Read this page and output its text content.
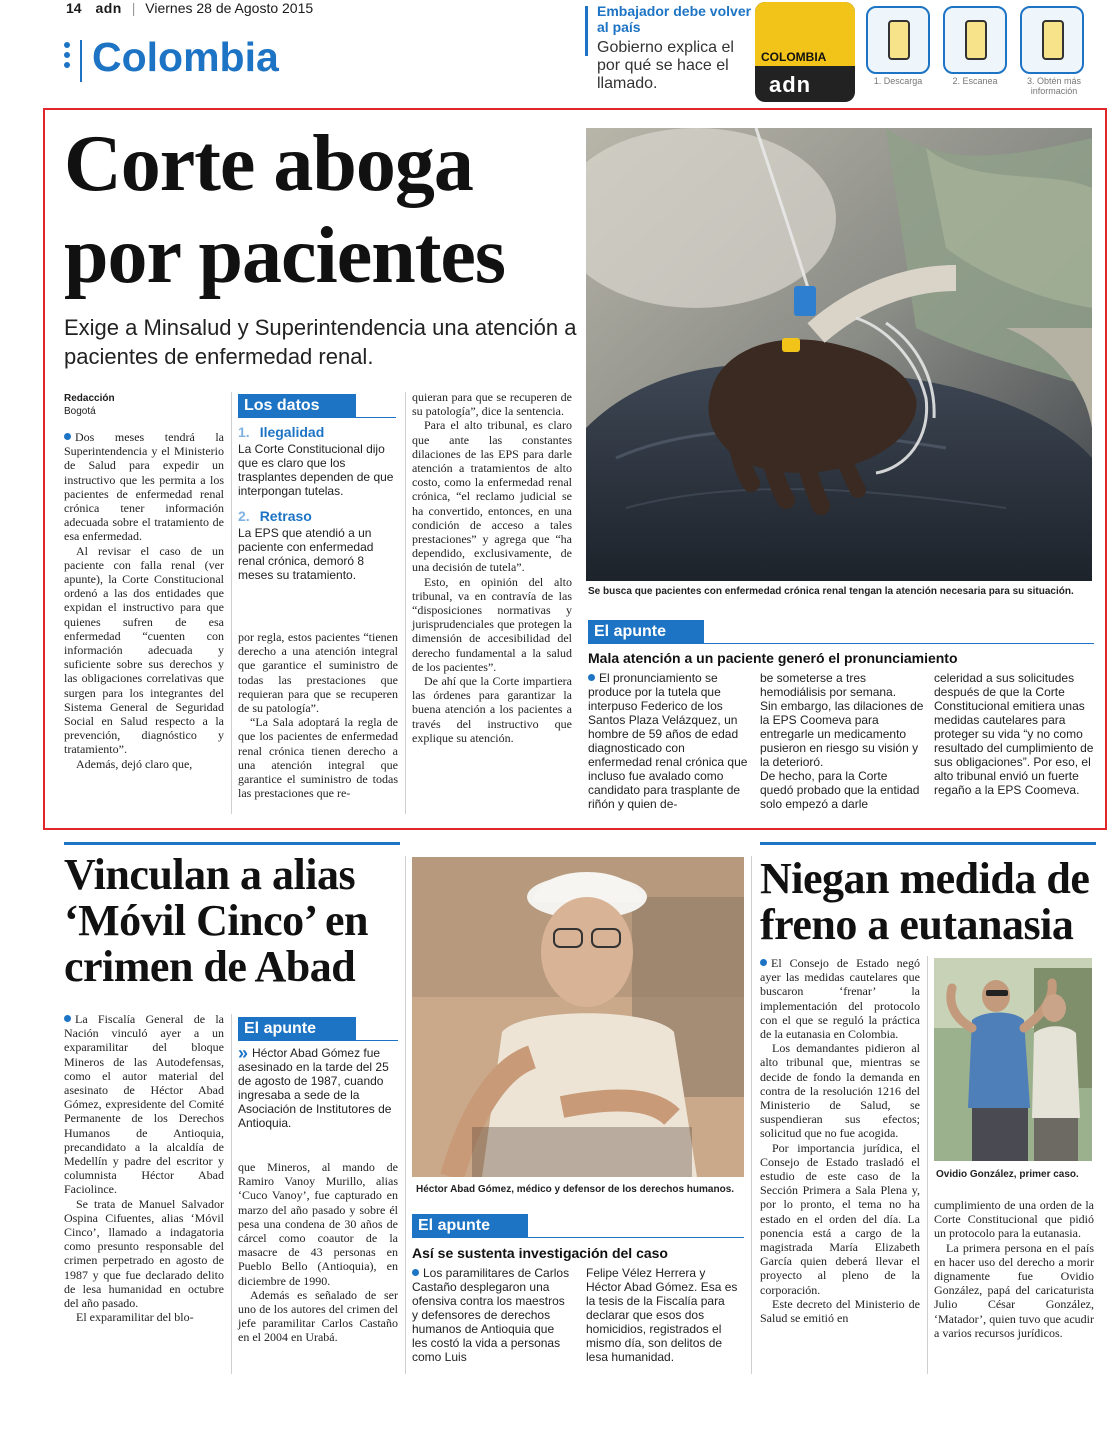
14 adn | Viernes 28 de Agosto 2015
Colombia
Embajador debe volver al país
Gobierno explica el por qué se hace el llamado.
COLOMBIA
adn	1. Descarga	2. Escanea	3. Obtén más información
Corte aboga por pacientes
Exige a Minsalud y Superintendencia una atención a pacientes de enfermedad renal.
Se busca que pacientes con enfermedad crónica renal tengan la atención necesaria para su situación.
Redacción
Bogotá

Dos meses tendrá la Superintendencia y el Ministerio de Salud para expedir un instructivo que les permita a los pacientes de enfermedad renal crónica tener información adecuada sobre el tratamiento de esa enfermedad.

Al revisar el caso de un paciente con falla renal (ver apunte), la Corte Constitucional ordenó a las dos entidades que expidan el instructivo para que quienes sufren de esa enfermedad “cuenten con información adecuada y suficiente sobre sus derechos y las obligaciones correlativas que surgen para los integrantes del Sistema General de Seguridad Social en Salud respecto a la prevención, diagnóstico y tratamiento”.

Además, dejó claro que,

Los datos
1. Ilegalidad
La Corte Constitucional dijo que es claro que los trasplantes dependen de que interpongan tutelas.
2. Retraso
La EPS que atendió a un paciente con enfermedad renal crónica, demoró 8 meses su tratamiento.

por regla, estos pacientes “tienen derecho a una atención integral que garantice el suministro de todas las prestaciones que requieran para que se recuperen de su patología”.

“La Sala adoptará la regla de que los pacientes de enfermedad renal crónica tienen derecho a una atención integral que garantice el suministro de todas las prestaciones que re-

quieran para que se recuperen de su patología”, dice la sentencia.

Para el alto tribunal, es claro que ante las constantes dilaciones de las EPS para darle atención a tratamientos de alto costo, como la enfermedad renal crónica, “el reclamo judicial se ha convertido, entonces, en una condición de acceso a tales prestaciones” y agrega que “ha dependido, exclusivamente, de una decisión de tutela”.

Esto, en opinión del alto tribunal, va en contravía de las “disposiciones normativas y jurisprudenciales que protegen la dimensión de accesibilidad del derecho fundamental a la salud de los pacientes”.

De ahí que la Corte impartiera las órdenes para garantizar la buena atención a los pacientes a través del instructivo que explique su atención.

El apunte
Mala atención a un paciente generó el pronunciamiento

El pronunciamiento se produce por la tutela que interpuso Federico de los Santos Plaza Velázquez, un hombre de 59 años de edad diagnosticado con enfermedad renal crónica que incluso fue avalado como candidato para trasplante de riñón y quien de-

be someterse a tres hemodiálisis por semana.

Sin embargo, las dilaciones de la EPS Coomeva para entregarle un medicamento pusieron en riesgo su visión y la deterioró.

De hecho, para la Corte quedó probado que la entidad solo empezó a darle

celeridad a sus solicitudes después de que la Corte Constitucional emitiera unas medidas cautelares para proteger su vida “y no como resultado del cumplimiento de sus obligaciones”. Por eso, el alto tribunal envió un fuerte regaño a la EPS Coomeva.

Vinculan a alias ‘Móvil Cinco’ en crimen de Abad

La Fiscalía General de la Nación vinculó ayer a un exparamilitar del bloque Mineros de las Autodefensas, como el autor material del asesinato de Héctor Abad Gómez, expresidente del Comité Permanente de los Derechos Humanos de Antioquia, precandidato a la alcaldía de Medellín y padre del escritor y columnista Héctor Abad Faciolince.

Se trata de Manuel Salvador Ospina Cifuentes, alias ‘Móvil Cinco’, llamado a indagatoria como presunto responsable del crimen perpetrado en agosto de 1987 y que fue declarado delito de lesa humanidad en octubre del año pasado.

El exparamilitar del blo-

El apunte
» Héctor Abad Gómez fue asesinado en la tarde del 25 de agosto de 1987, cuando ingresaba a sede de la Asociación de Institutores de Antioquia.

que Mineros, al mando de Ramiro Vanoy Murillo, alias ‘Cuco Vanoy’, fue capturado en marzo del año pasado y sobre él pesa una condena de 30 años de cárcel como coautor de la masacre de 43 personas en Pueblo Bello (Antioquia), en diciembre de 1990.

Además es señalado de ser uno de los autores del crimen del jefe paramilitar Carlos Castaño en el 2004 en Urabá.

Héctor Abad Gómez, médico y defensor de los derechos humanos.
El apunte
Así se sustenta investigación del caso

Los paramilitares de Carlos Castaño desplegaron una ofensiva contra los maestros y defensores de derechos humanos de Antioquia que les costó la vida a personas como Luis

Felipe Vélez Herrera y Héctor Abad Gómez. Esa es la tesis de la Fiscalía para declarar que esos dos homicidios, registrados el mismo día, son delitos de lesa humanidad.

Niegan medida de freno a eutanasia

El Consejo de Estado negó ayer las medidas cautelares que buscaron ‘frenar’ la implementación del protocolo con el que se reguló la práctica de la eutanasia en Colombia.

Los demandantes pidieron al alto tribunal que, mientras se decide de fondo la demanda en contra de la resolución 1216 del Ministerio de Salud, se suspendieran sus efectos; solicitud que no fue acogida.

Por importancia jurídica, el Consejo de Estado trasladó el estudio de este caso de la Sección Primera a Sala Plena y, por lo pronto, el tema no ha estado en el orden del día. La ponencia está a cargo de la magistrada María Elizabeth García quien deberá llevar el proyecto al pleno de la corporación.

Este decreto del Ministerio de Salud se emitió en

Ovidio González, primer caso.

cumplimiento de una orden de la Corte Constitucional que pidió un protocolo para la eutanasia.

La primera persona en el país en hacer uso del derecho a morir dignamente fue Ovidio González, papá del caricaturista Julio César González, ‘Matador’, quien tuvo que acudir a varios recursos jurídicos.
